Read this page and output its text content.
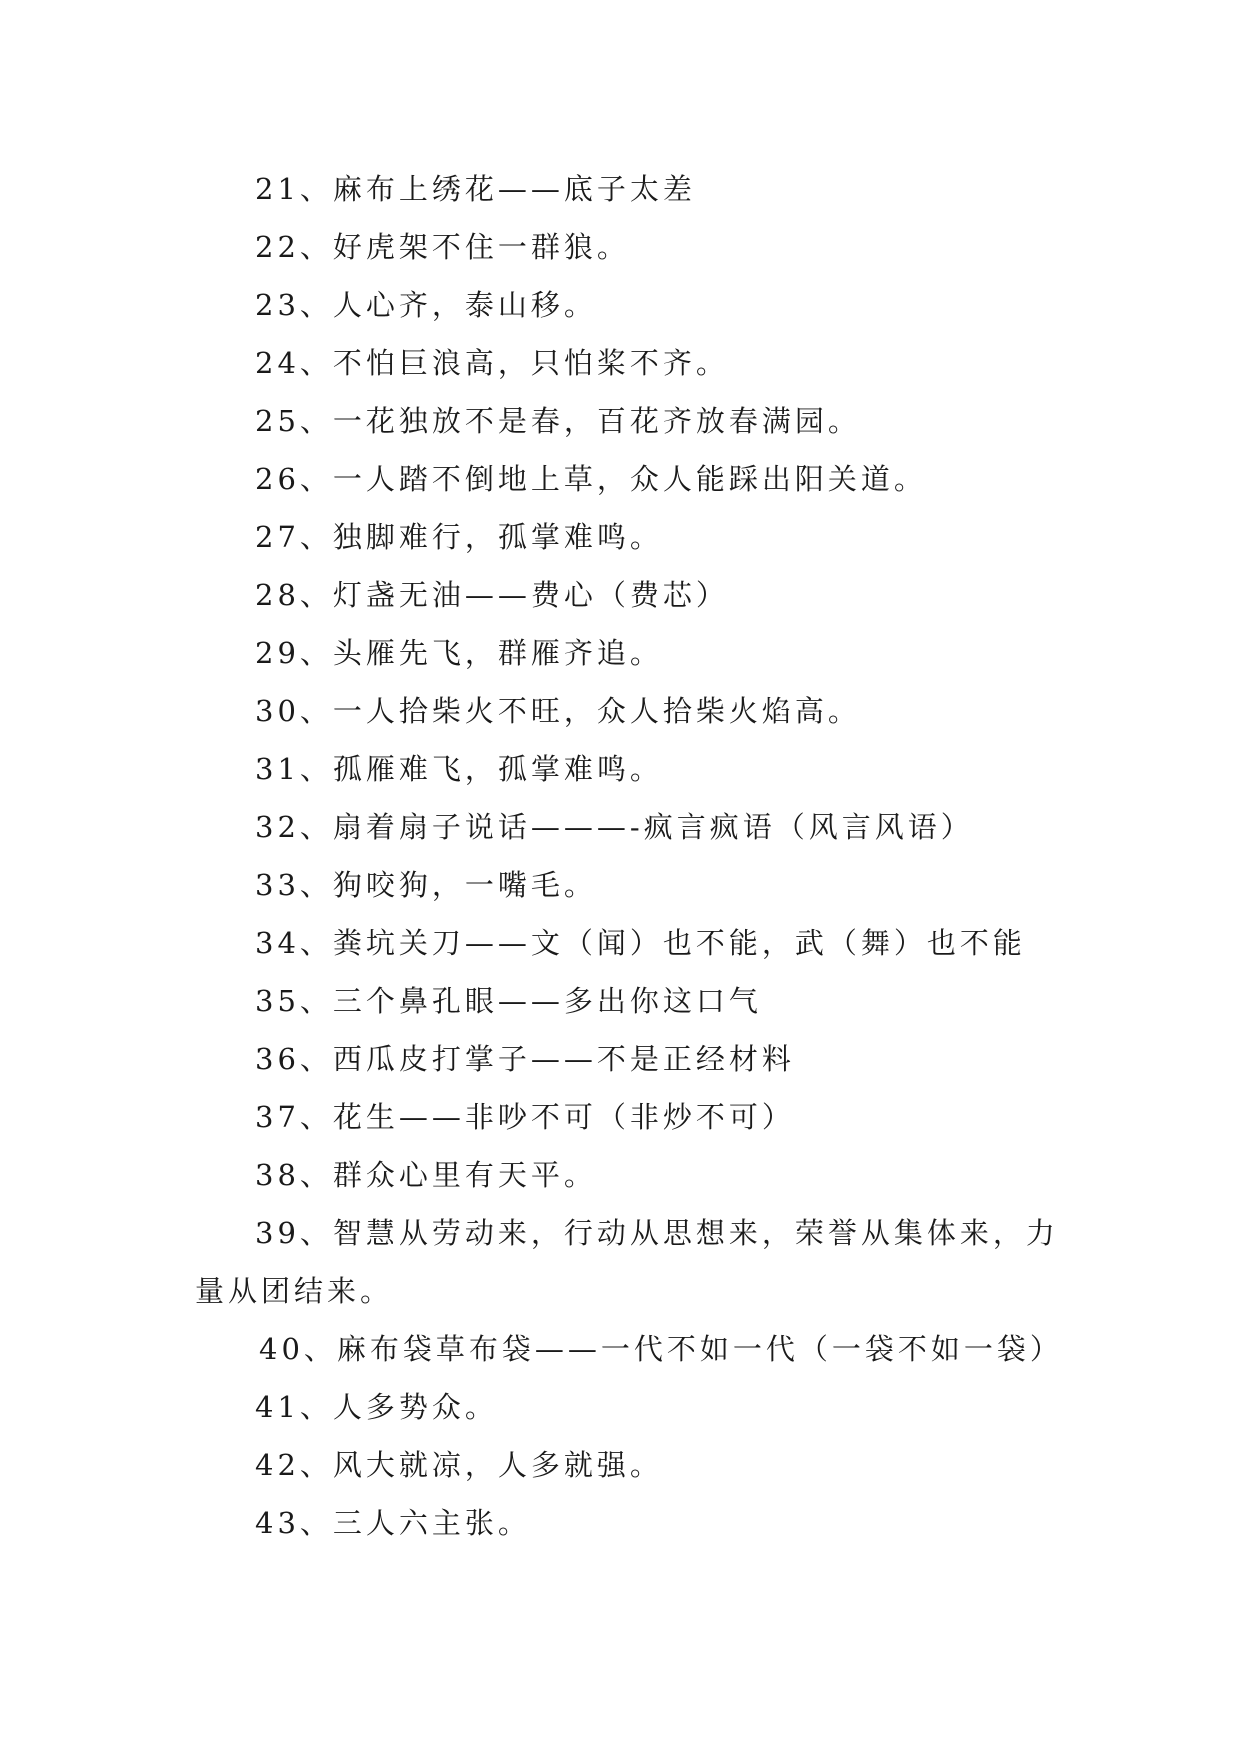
21、麻布上绣花——底子太差
22、好虎架不住一群狼。
23、人心齐，泰山移。
24、不怕巨浪高，只怕桨不齐。
25、一花独放不是春，百花齐放春满园。
26、一人踏不倒地上草，众人能踩出阳关道。
27、独脚难行，孤掌难鸣。
28、灯盏无油——费心（费芯）
29、头雁先飞，群雁齐追。
30、一人拾柴火不旺，众人拾柴火焰高。
31、孤雁难飞，孤掌难鸣。
32、扇着扇子说话———-疯言疯语（风言风语）
33、狗咬狗，一嘴毛。
34、粪坑关刀——文（闻）也不能，武（舞）也不能
35、三个鼻孔眼——多出你这口气
36、西瓜皮打掌子——不是正经材料
37、花生——非吵不可（非炒不可）
38、群众心里有天平。
39、智慧从劳动来，行动从思想来，荣誉从集体来，力量从团结来。
40、麻布袋草布袋——一代不如一代（一袋不如一袋）
41、人多势众。
42、风大就凉，人多就强。
43、三人六主张。
